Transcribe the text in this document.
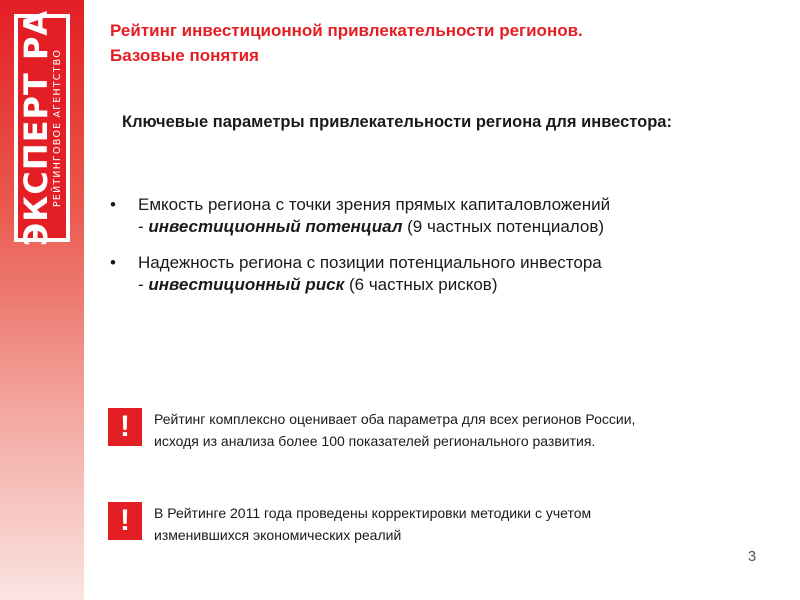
ЭКСПЕРТ РА
РЕЙТИНГОВОЕ АГЕНТСТВО
Рейтинг инвестиционной привлекательности регионов.
Базовые понятия
Ключевые параметры привлекательности региона для инвестора:
• Емкость региона с точки зрения прямых капиталовложений
- инвестиционный потенциал (9 частных потенциалов)
• Надежность региона с позиции потенциального инвестора
- инвестиционный риск (6 частных рисков)
!	Рейтинг комплексно оценивает оба параметра для всех регионов России,
исходя из анализа более 100 показателей регионального развития.
!	В Рейтинге 2011 года проведены корректировки методики с учетом
изменившихся экономических реалий
3
